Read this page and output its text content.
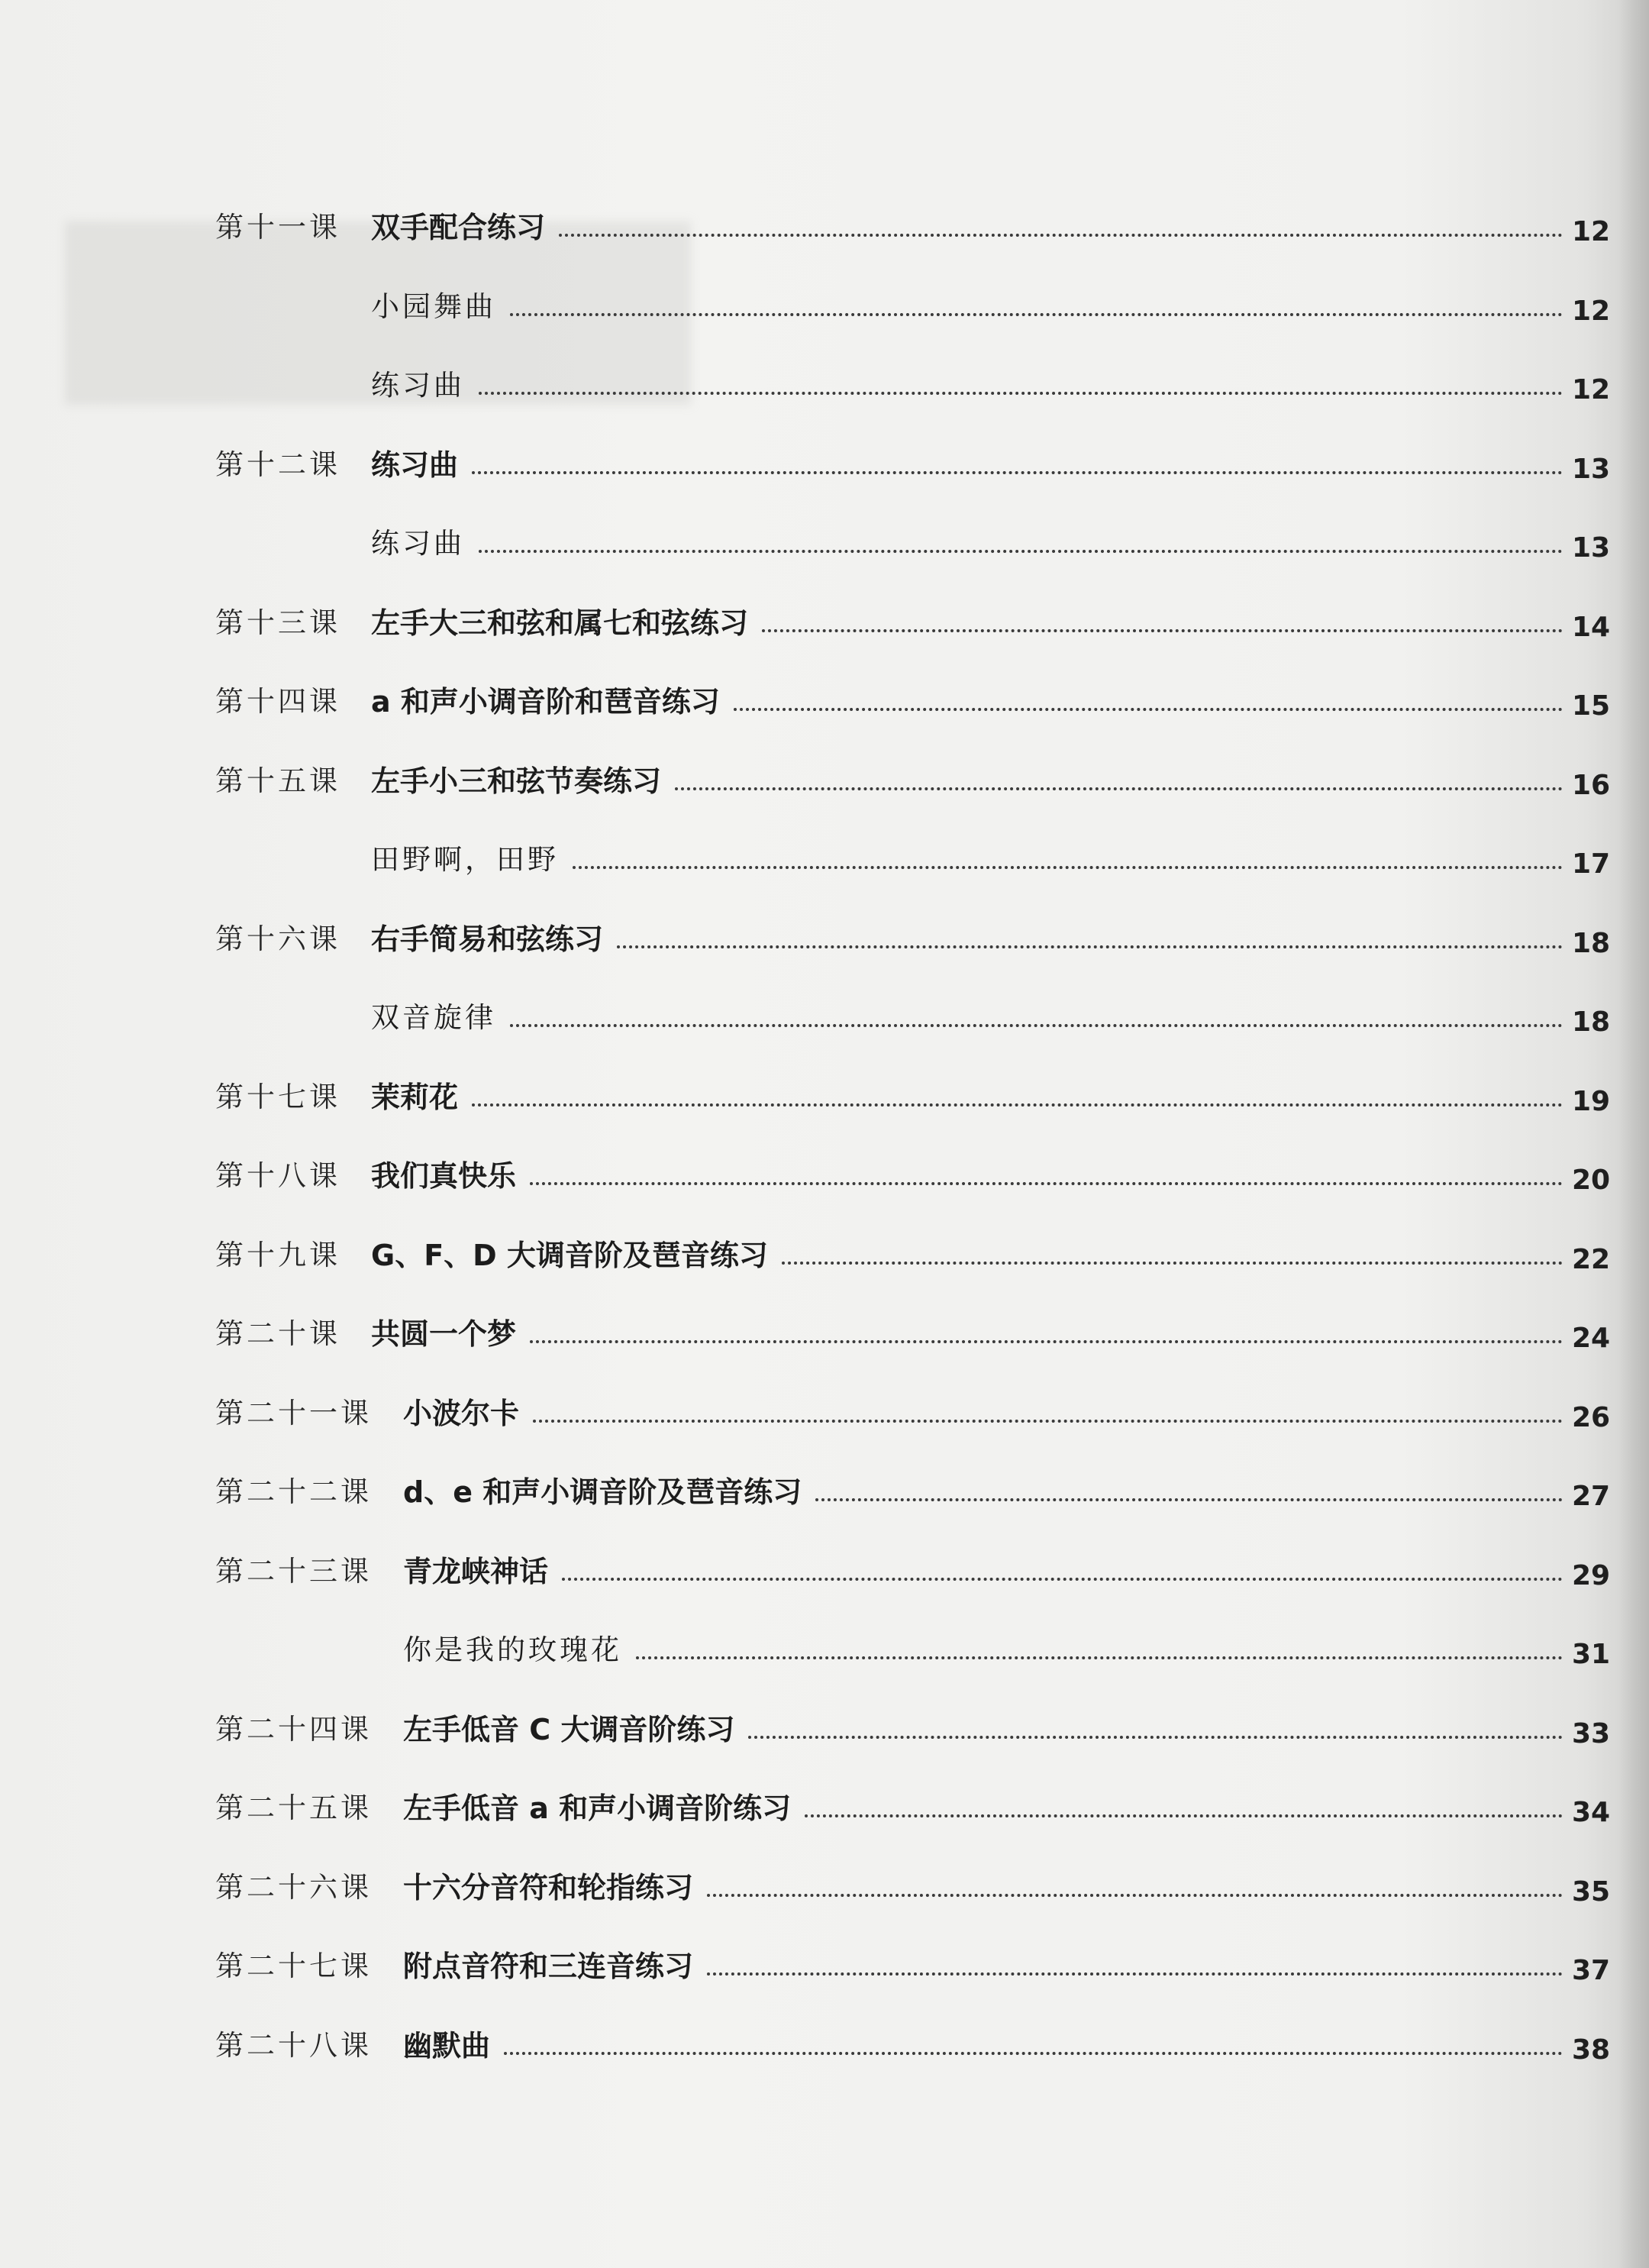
第十一课 双手配合练习	12
小园舞曲	12
练习曲	12
第十二课 练习曲	13
练习曲	13
第十三课 左手大三和弦和属七和弦练习	14
第十四课 a 和声小调音阶和琶音练习	15
第十五课 左手小三和弦节奏练习	16
田野啊，田野	17
第十六课 右手简易和弦练习	18
双音旋律	18
第十七课 茉莉花	19
第十八课 我们真快乐	20
第十九课 G、F、D 大调音阶及琶音练习	22
第二十课 共圆一个梦	24
第二十一课 小波尔卡	26
第二十二课 d、e 和声小调音阶及琶音练习	27
第二十三课 青龙峡神话	29
你是我的玫瑰花	31
第二十四课 左手低音 C 大调音阶练习	33
第二十五课 左手低音 a 和声小调音阶练习	34
第二十六课 十六分音符和轮指练习	35
第二十七课 附点音符和三连音练习	37
第二十八课 幽默曲	38
